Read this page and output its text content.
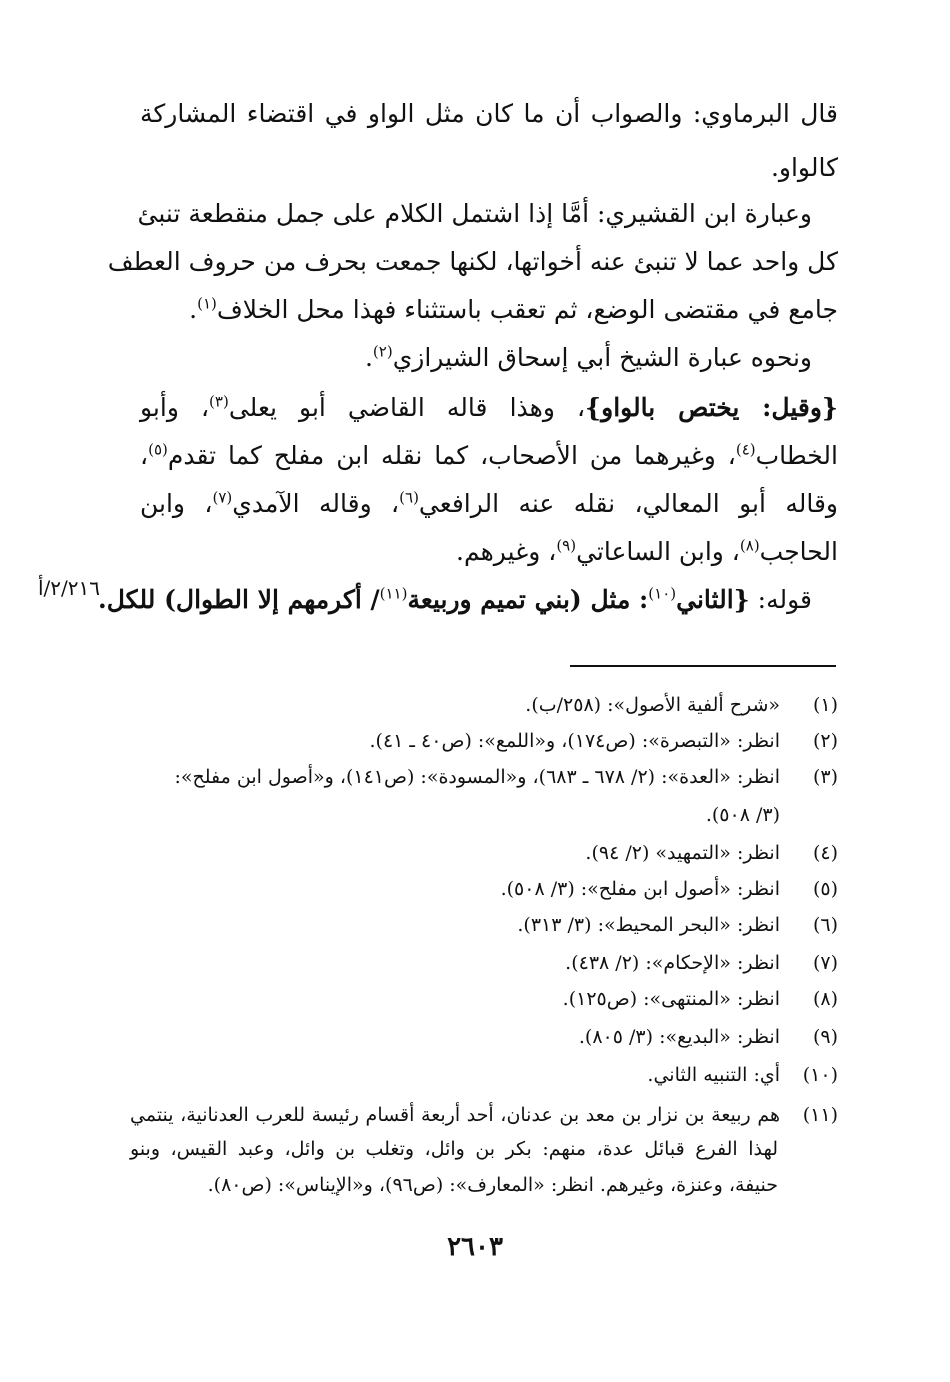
قال البرماوي: والصواب أن ما كان مثل الواو في اقتضاء المشاركة
كالواو.
وعبارة ابن القشيري: أمَّا إذا اشتمل الكلام على جمل منقطعة تنبئ
كل واحد عما لا تنبئ عنه أخواتها، لكنها جمعت بحرف من حروف العطف
جامع في مقتضى الوضع، ثم تعقب باستثناء فهذا محل الخلاف$^{(١)}$.
ونحوه عبارة الشيخ أبي إسحاق الشيرازي$^{(٢)}$.
{وقيل: يختص بالواو}، وهذا قاله القاضي أبو يعلى$^{(٣)}$، وأبو
الخطاب$^{(٤)}$، وغيرهما من الأصحاب، كما نقله ابن مفلح كما تقدم$^{(٥)}$،
وقاله أبو المعالي، نقله عنه الرافعي$^{(٦)}$، وقاله الآمدي$^{(٧)}$، وابن
الحاجب$^{(٨)}$، وابن الساعاتي$^{(٩)}$، وغيرهم.
قوله: {الثاني$^{(١٠)}$: مثل (بني تميم وربيعة$^{(١١)}$/ أكرمهم إلا الطوال) للكل.
٢/٢١٦/أ
(١)«شرح ألفية الأصول»: (٢٥٨/ب).
(٢)انظر: «التبصرة»: (ص١٧٤)، و«اللمع»: (ص٤٠ ـ ٤١).
(٣)انظر: «العدة»: (٢/ ٦٧٨ ـ ٦٨٣)، و«المسودة»: (ص١٤١)، و«أصول ابن مفلح»:
(٣/ ٥٠٨).
(٤)انظر: «التمهيد» (٢/ ٩٤).
(٥)انظر: «أصول ابن مفلح»: (٣/ ٥٠٨).
(٦)انظر: «البحر المحيط»: (٣/ ٣١٣).
(٧)انظر: «الإحكام»: (٢/ ٤٣٨).
(٨)انظر: «المنتهى»: (ص١٢٥).
(٩)انظر: «البديع»: (٣/ ٨٠٥).
(١٠)أي: التنبيه الثاني.
(١١)هم ربيعة بن نزار بن معد بن عدنان، أحد أربعة أقسام رئيسة للعرب العدنانية، ينتمي
لهذا الفرع قبائل عدة، منهم: بكر بن وائل، وتغلب بن وائل، وعبد القيس، وبنو
حنيفة، وعنزة، وغيرهم. انظر: «المعارف»: (ص٩٦)، و«الإيناس»: (ص٨٠).
٢٦٠٣
